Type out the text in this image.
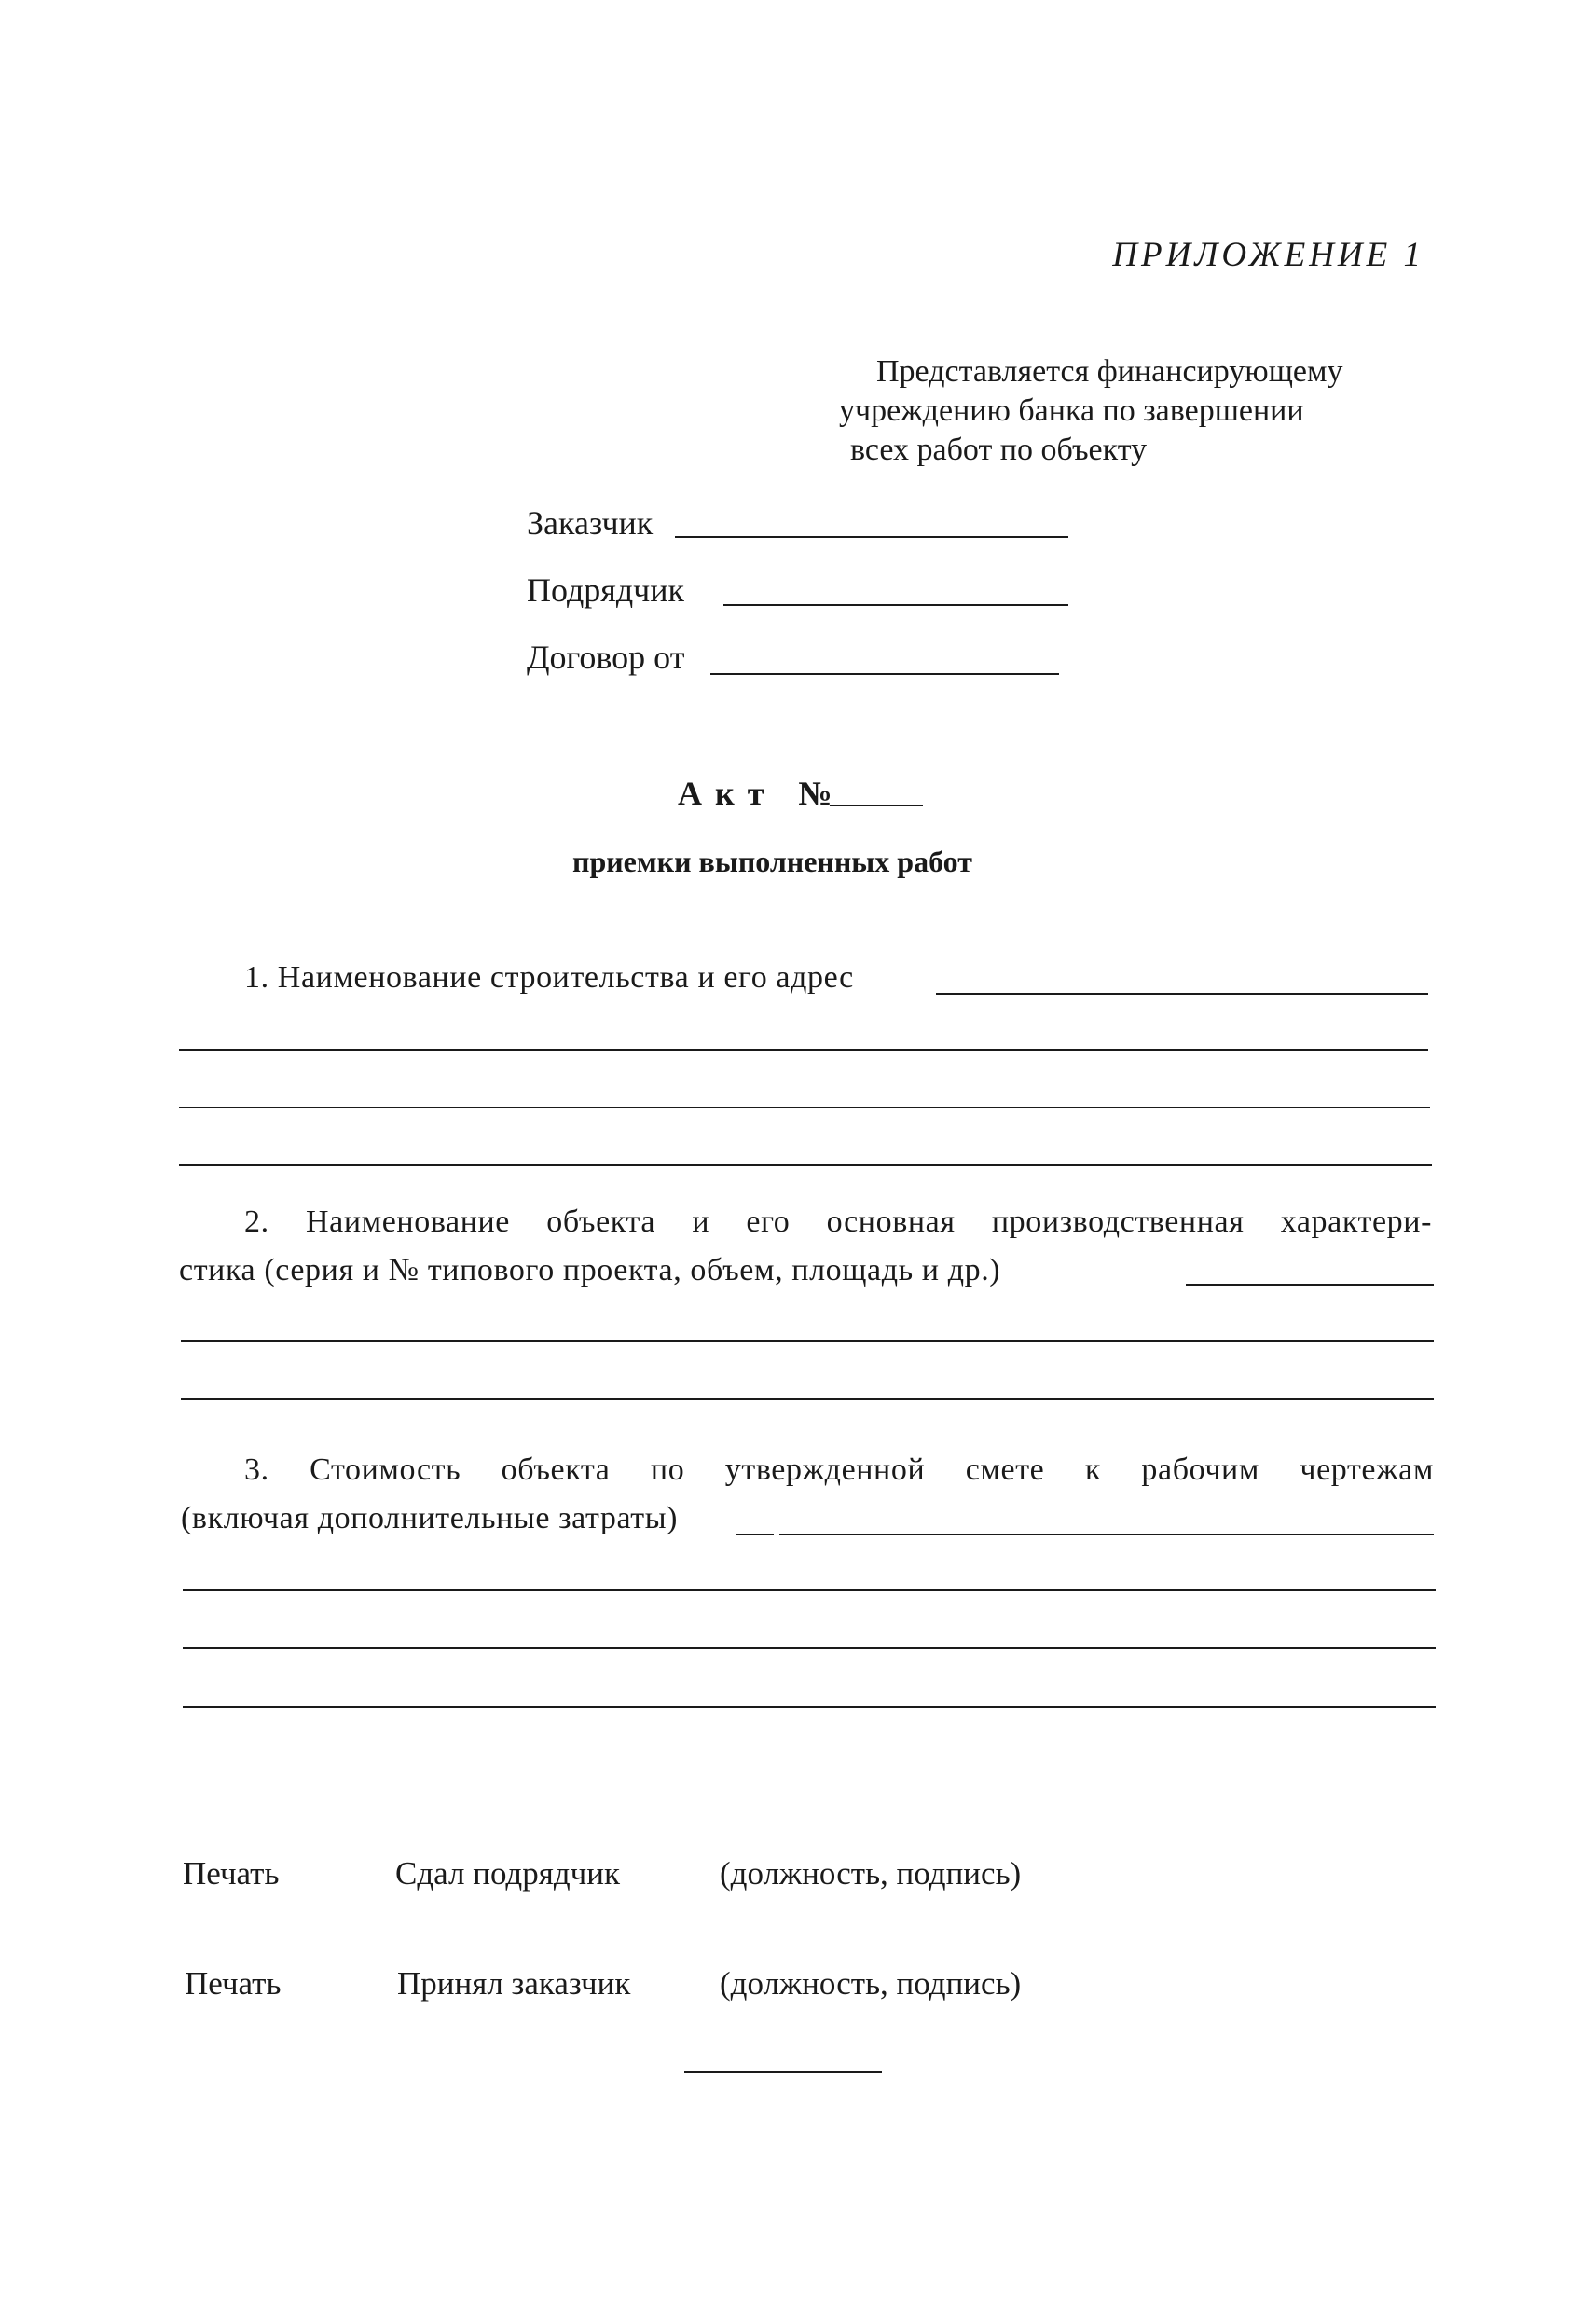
ПРИЛОЖЕНИЕ 1
Представляется финансирующему
учреждению банка по завершении
всех работ по объекту
Заказчик
Подрядчик
Договор от
Акт №
приемки выполненных работ
1. Наименование строительства и его адрес
2. Наименование объекта и его основная производственная характери-
стика (серия и № типового проекта, объем, площадь и др.)
3. Стоимость объекта по утвержденной смете к рабочим чертежам
(включая дополнительные затраты)
Печать	Сдал подрядчик	(должность, подпись)
Печать	Принял заказчик	(должность, подпись)
